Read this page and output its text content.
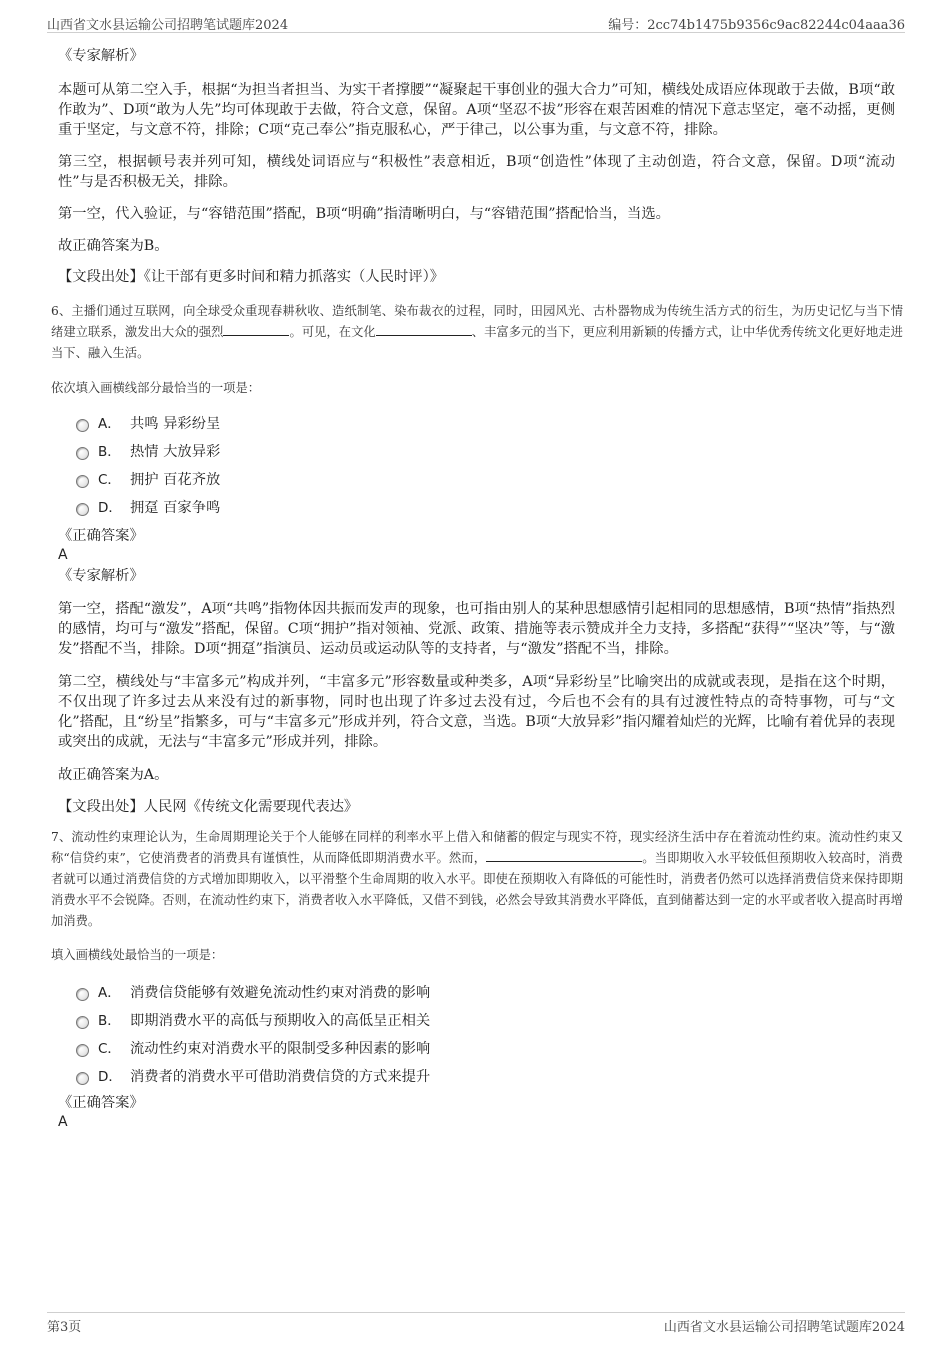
山西省文水县运输公司招聘笔试题库2024	编号：2cc74b1475b9356c9ac82244c04aaa36

《专家解析》

本题可从第二空入手，根据“为担当者担当、为实干者撑腰”“凝聚起干事创业的强大合力”可知，横线处成语应体现敢于去做，B项“敢作敢为”、D项“敢为人先”均可体现敢于去做，符合文意，保留。A项“坚忍不拔”形容在艰苦困难的情况下意志坚定，毫不动摇，更侧重于坚定，与文意不符，排除；C项“克己奉公”指克服私心，严于律己，以公事为重，与文意不符，排除。

第三空，根据顿号表并列可知，横线处词语应与“积极性”表意相近，B项“创造性”体现了主动创造，符合文意，保留。D项“流动性”与是否积极无关，排除。

第一空，代入验证，与“容错范围”搭配，B项“明确”指清晰明白，与“容错范围”搭配恰当，当选。

故正确答案为B。

【文段出处】《让干部有更多时间和精力抓落实（人民时评）》

6、主播们通过互联网，向全球受众重现春耕秋收、造纸制笔、染布裁衣的过程，同时，田园风光、古朴器物成为传统生活方式的衍生，为历史记忆与当下情绪建立联系，激发出大众的强烈	。可见，在文化	、丰富多元的当下，更应利用新颖的传播方式，让中华优秀传统文化更好地走进当下、融入生活。

依次填入画横线部分最恰当的一项是：

A． 共鸣 异彩纷呈
B． 热情 大放异彩
C． 拥护 百花齐放
D． 拥趸 百家争鸣

《正确答案》

A

《专家解析》

第一空，搭配“激发”，A项“共鸣”指物体因共振而发声的现象，也可指由别人的某种思想感情引起相同的思想感情，B项“热情”指热烈的感情，均可与“激发”搭配，保留。C项“拥护”指对领袖、党派、政策、措施等表示赞成并全力支持，多搭配“获得”“坚决”等，与“激发”搭配不当，排除。D项“拥趸”指演员、运动员或运动队等的支持者，与“激发”搭配不当，排除。

第二空，横线处与“丰富多元”构成并列，“丰富多元”形容数量或种类多，A项“异彩纷呈”比喻突出的成就或表现，是指在这个时期，不仅出现了许多过去从来没有过的新事物，同时也出现了许多过去没有过，今后也不会有的具有过渡性特点的奇特事物，可与“文化”搭配，且“纷呈”指繁多，可与“丰富多元”形成并列，符合文意，当选。B项“大放异彩”指闪耀着灿烂的光辉，比喻有着优异的表现或突出的成就，无法与“丰富多元”形成并列，排除。

故正确答案为A。

【文段出处】人民网《传统文化需要现代表达》

7、流动性约束理论认为，生命周期理论关于个人能够在同样的利率水平上借入和储蓄的假定与现实不符，现实经济生活中存在着流动性约束。流动性约束又称“信贷约束”，它使消费者的消费具有谨慎性，从而降低即期消费水平。然而，	。当即期收入水平较低但预期收入较高时，消费者就可以通过消费信贷的方式增加即期收入，以平滑整个生命周期的收入水平。即使在预期收入有降低的可能性时，消费者仍然可以选择消费信贷来保持即期消费水平不会锐降。否则，在流动性约束下，消费者收入水平降低，又借不到钱，必然会导致其消费水平降低，直到储蓄达到一定的水平或者收入提高时再增加消费。

填入画横线处最恰当的一项是：

A． 消费信贷能够有效避免流动性约束对消费的影响
B． 即期消费水平的高低与预期收入的高低呈正相关
C． 流动性约束对消费水平的限制受多种因素的影响
D． 消费者的消费水平可借助消费信贷的方式来提升

《正确答案》

A

第3页	山西省文水县运输公司招聘笔试题库2024
